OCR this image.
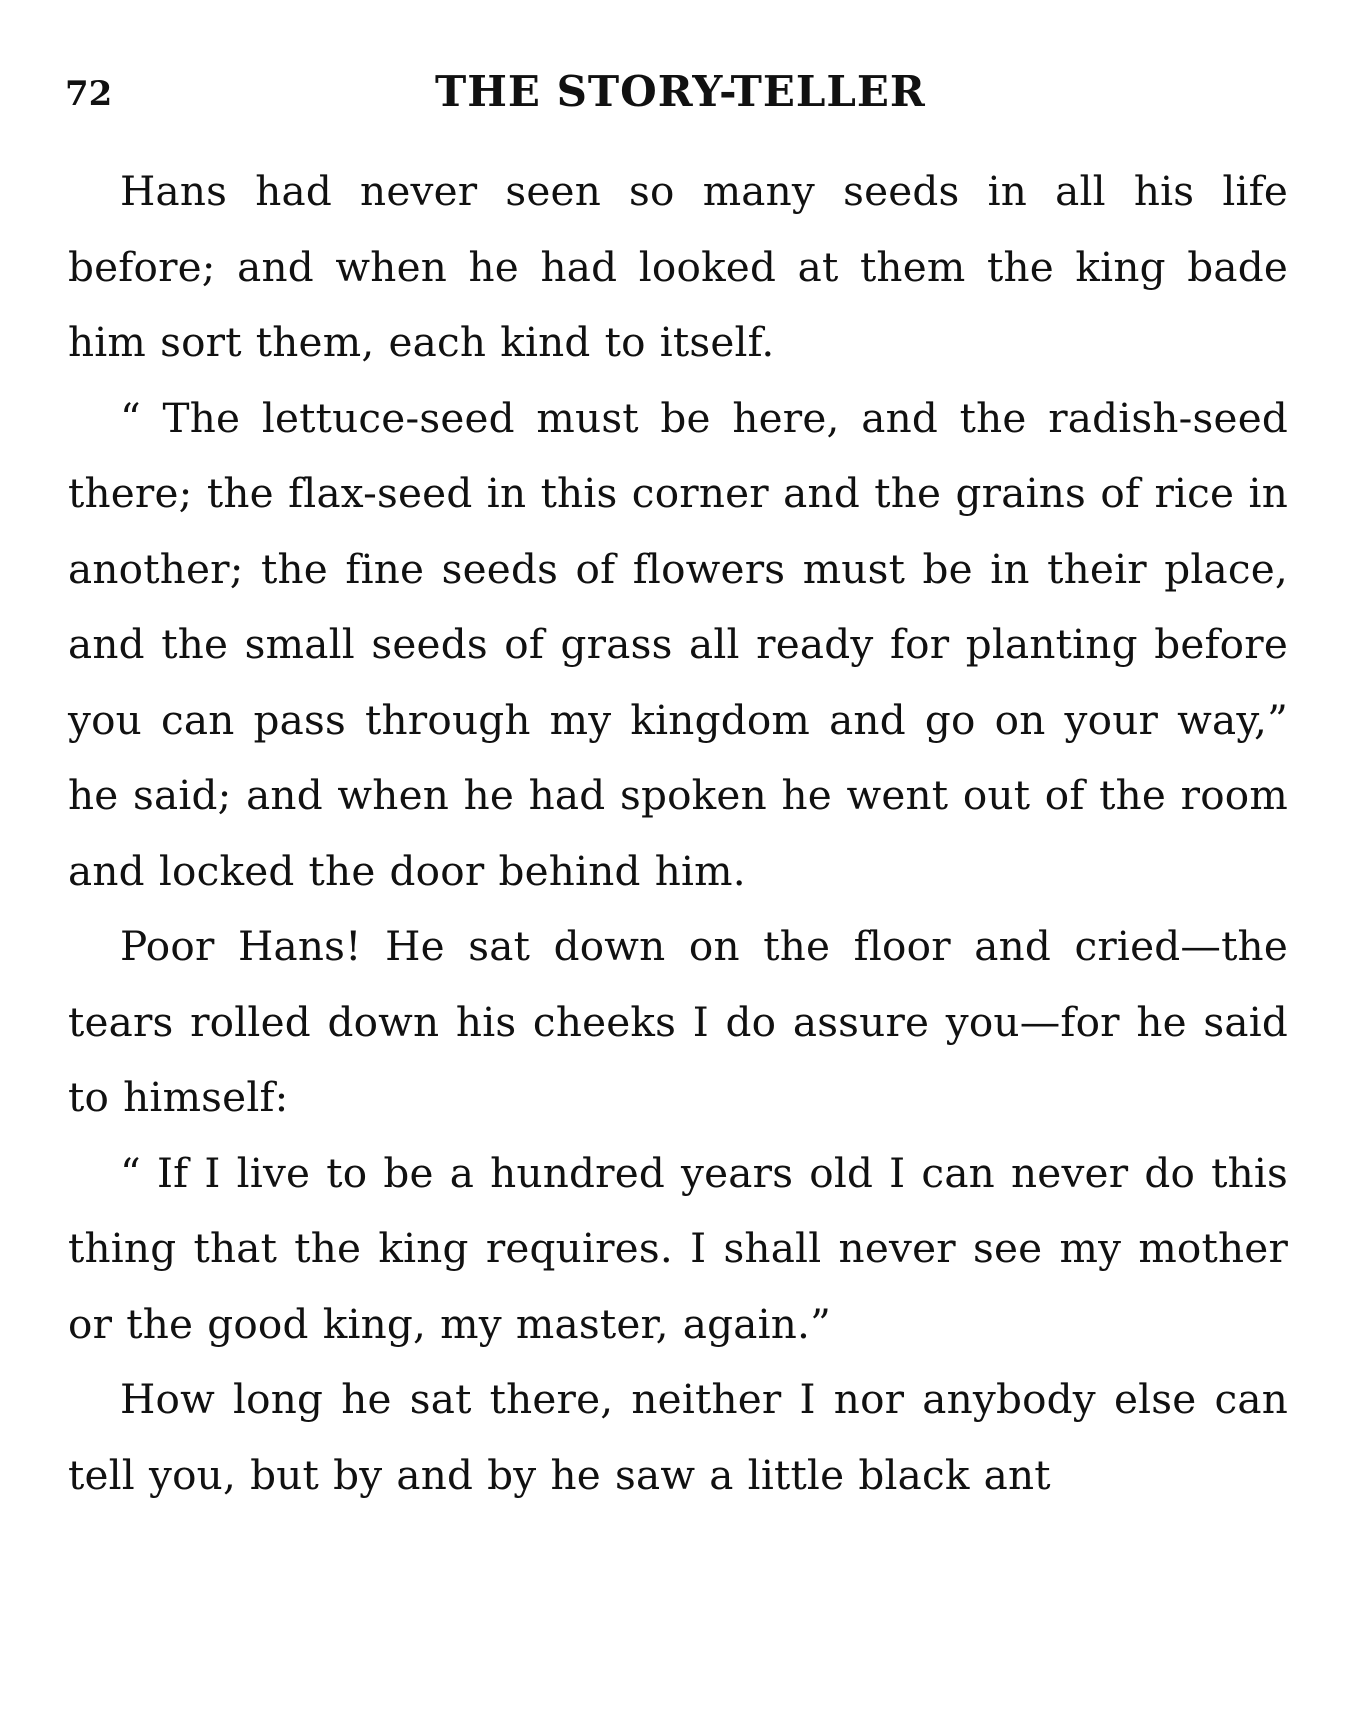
72	THE STORY-TELLER

Hans had never seen so many seeds in all his life before; and when he had looked at them the king bade him sort them, each kind to itself.

“ The lettuce-seed must be here, and the radish-seed there; the flax-seed in this corner and the grains of rice in another; the fine seeds of flowers must be in their place, and the small seeds of grass all ready for planting before you can pass through my kingdom and go on your way,” he said; and when he had spoken he went out of the room and locked the door behind him.

Poor Hans! He sat down on the floor and cried—the tears rolled down his cheeks I do assure you—for he said to himself:

“ If I live to be a hundred years old I can never do this thing that the king requires. I shall never see my mother or the good king, my master, again.”

How long he sat there, neither I nor anybody else can tell you, but by and by he saw a little black ant
